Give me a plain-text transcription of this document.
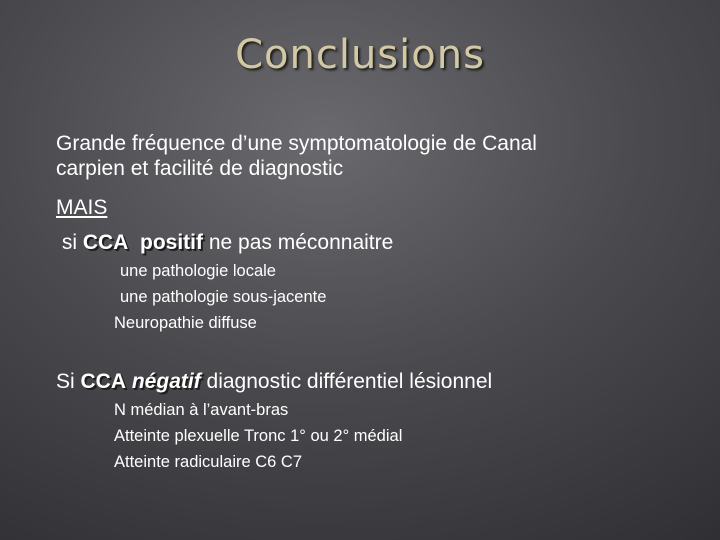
Conclusions
Grande fréquence d’une symptomatologie de Canal
carpien et facilité de diagnostic
MAIS
si CCA positif ne pas méconnaitre
une pathologie locale
une pathologie sous-jacente
Neuropathie diffuse
Si CCA négatif diagnostic différentiel lésionnel
N médian à l’avant-bras
Atteinte plexuelle Tronc 1° ou 2° médial
Atteinte radiculaire C6 C7
